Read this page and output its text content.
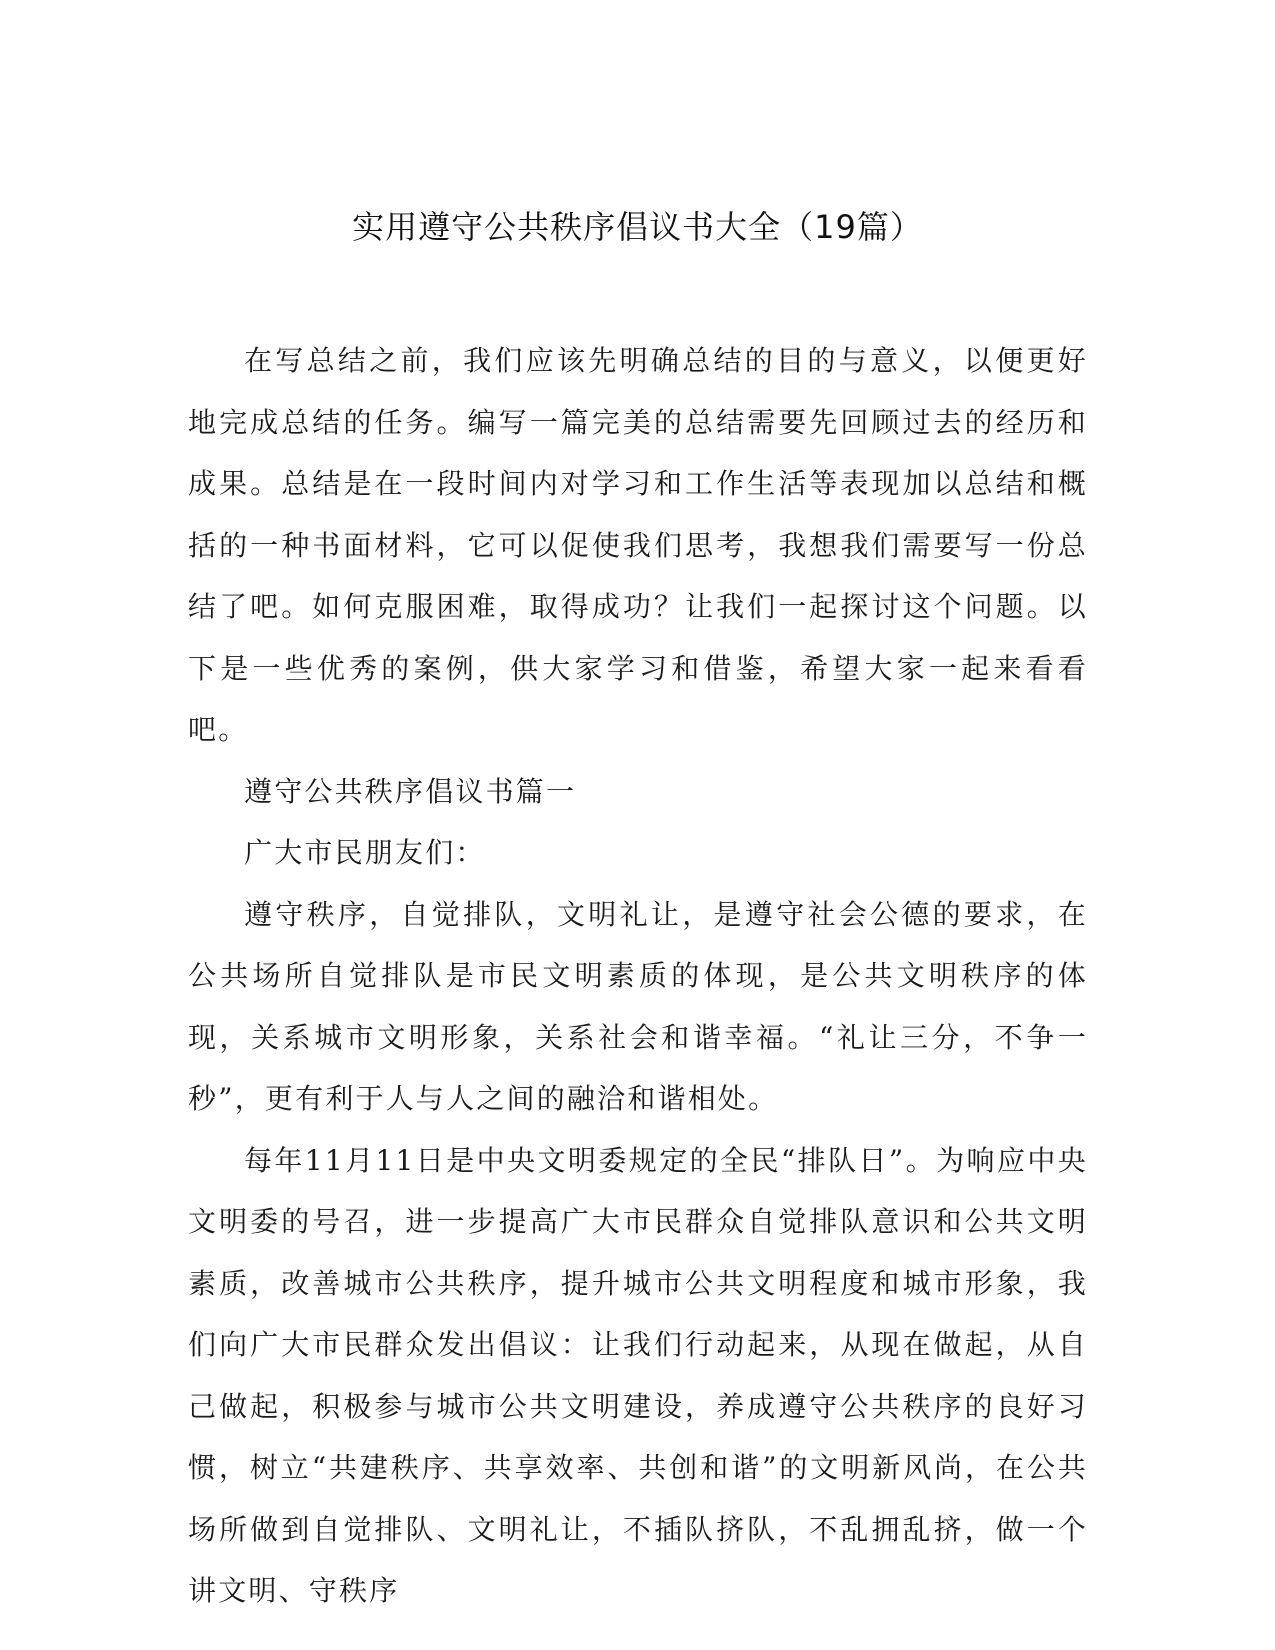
实用遵守公共秩序倡议书大全（19篇）

在写总结之前，我们应该先明确总结的目的与意义，以便更好地完成总结的任务。编写一篇完美的总结需要先回顾过去的经历和成果。总结是在一段时间内对学习和工作生活等表现加以总结和概括的一种书面材料，它可以促使我们思考，我想我们需要写一份总结了吧。如何克服困难，取得成功？让我们一起探讨这个问题。以下是一些优秀的案例，供大家学习和借鉴，希望大家一起来看看吧。

遵守公共秩序倡议书篇一

广大市民朋友们：

遵守秩序，自觉排队，文明礼让，是遵守社会公德的要求，在公共场所自觉排队是市民文明素质的体现，是公共文明秩序的体现，关系城市文明形象，关系社会和谐幸福。“礼让三分，不争一秒”，更有利于人与人之间的融洽和谐相处。

每年11月11日是中央文明委规定的全民“排队日”。为响应中央文明委的号召，进一步提高广大市民群众自觉排队意识和公共文明素质，改善城市公共秩序，提升城市公共文明程度和城市形象，我们向广大市民群众发出倡议：让我们行动起来，从现在做起，从自己做起，积极参与城市公共文明建设，养成遵守公共秩序的良好习惯，树立“共建秩序、共享效率、共创和谐”的文明新风尚，在公共场所做到自觉排队、文明礼让，不插队挤队，不乱拥乱挤，做一个讲文明、守秩序
